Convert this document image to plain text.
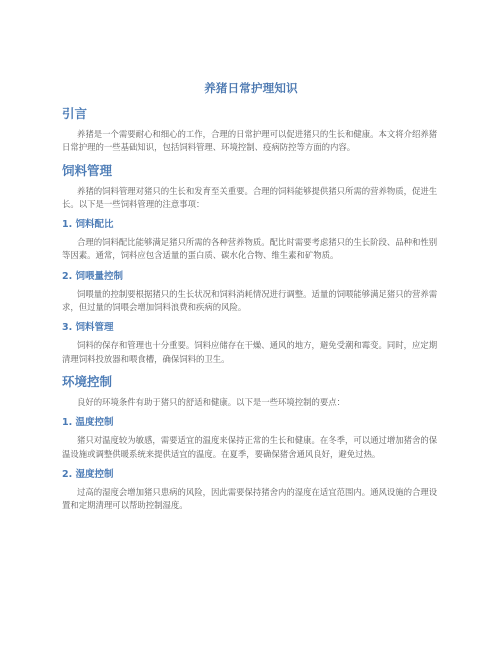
养猪日常护理知识
引言

养猪是一个需要耐心和细心的工作，合理的日常护理可以促进猪只的生长和健康。本文将介绍养猪日常护理的一些基础知识，包括饲料管理、环境控制、疫病防控等方面的内容。

饲料管理

养猪的饲料管理对猪只的生长和发育至关重要。合理的饲料能够提供猪只所需的营养物质，促进生长。以下是一些饲料管理的注意事项：

1. 饲料配比

合理的饲料配比能够满足猪只所需的各种营养物质。配比时需要考虑猪只的生长阶段、品种和性别等因素。通常，饲料应包含适量的蛋白质、碳水化合物、维生素和矿物质。

2. 饲喂量控制

饲喂量的控制要根据猪只的生长状况和饲料消耗情况进行调整。适量的饲喂能够满足猪只的营养需求，但过量的饲喂会增加饲料浪费和疾病的风险。

3. 饲料管理

饲料的保存和管理也十分重要。饲料应储存在干燥、通风的地方，避免受潮和霉变。同时，应定期清理饲料投放器和喂食槽，确保饲料的卫生。

环境控制

良好的环境条件有助于猪只的舒适和健康。以下是一些环境控制的要点：

1. 温度控制

猪只对温度较为敏感，需要适宜的温度来保持正常的生长和健康。在冬季，可以通过增加猪舍的保温设施或调整供暖系统来提供适宜的温度。在夏季，要确保猪舍通风良好，避免过热。

2. 湿度控制

过高的湿度会增加猪只患病的风险，因此需要保持猪舍内的湿度在适宜范围内。通风设施的合理设置和定期清理可以帮助控制湿度。
